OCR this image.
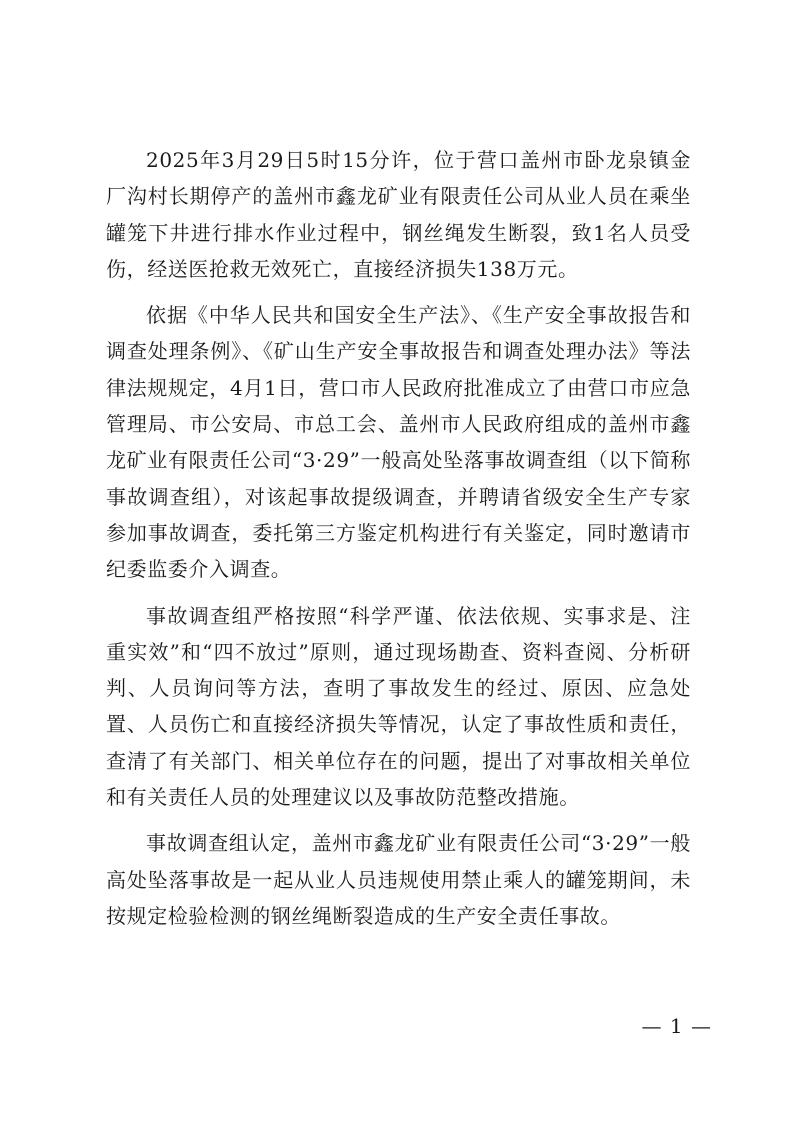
2025年3月29日5时15分许，位于营口盖州市卧龙泉镇金厂沟村长期停产的盖州市鑫龙矿业有限责任公司从业人员在乘坐罐笼下井进行排水作业过程中，钢丝绳发生断裂，致1名人员受伤，经送医抢救无效死亡，直接经济损失138万元。

依据《中华人民共和国安全生产法》、《生产安全事故报告和调查处理条例》、《矿山生产安全事故报告和调查处理办法》等法律法规规定，4月1日，营口市人民政府批准成立了由营口市应急管理局、市公安局、市总工会、盖州市人民政府组成的盖州市鑫龙矿业有限责任公司“3·29”一般高处坠落事故调查组（以下简称事故调查组），对该起事故提级调查，并聘请省级安全生产专家参加事故调查，委托第三方鉴定机构进行有关鉴定，同时邀请市纪委监委介入调查。

事故调查组严格按照“科学严谨、依法依规、实事求是、注重实效”和“四不放过”原则，通过现场勘查、资料查阅、分析研判、人员询问等方法，查明了事故发生的经过、原因、应急处置、人员伤亡和直接经济损失等情况，认定了事故性质和责任，查清了有关部门、相关单位存在的问题，提出了对事故相关单位和有关责任人员的处理建议以及事故防范整改措施。

事故调查组认定，盖州市鑫龙矿业有限责任公司“3·29”一般高处坠落事故是一起从业人员违规使用禁止乘人的罐笼期间，未按规定检验检测的钢丝绳断裂造成的生产安全责任事故。

— 1 —
